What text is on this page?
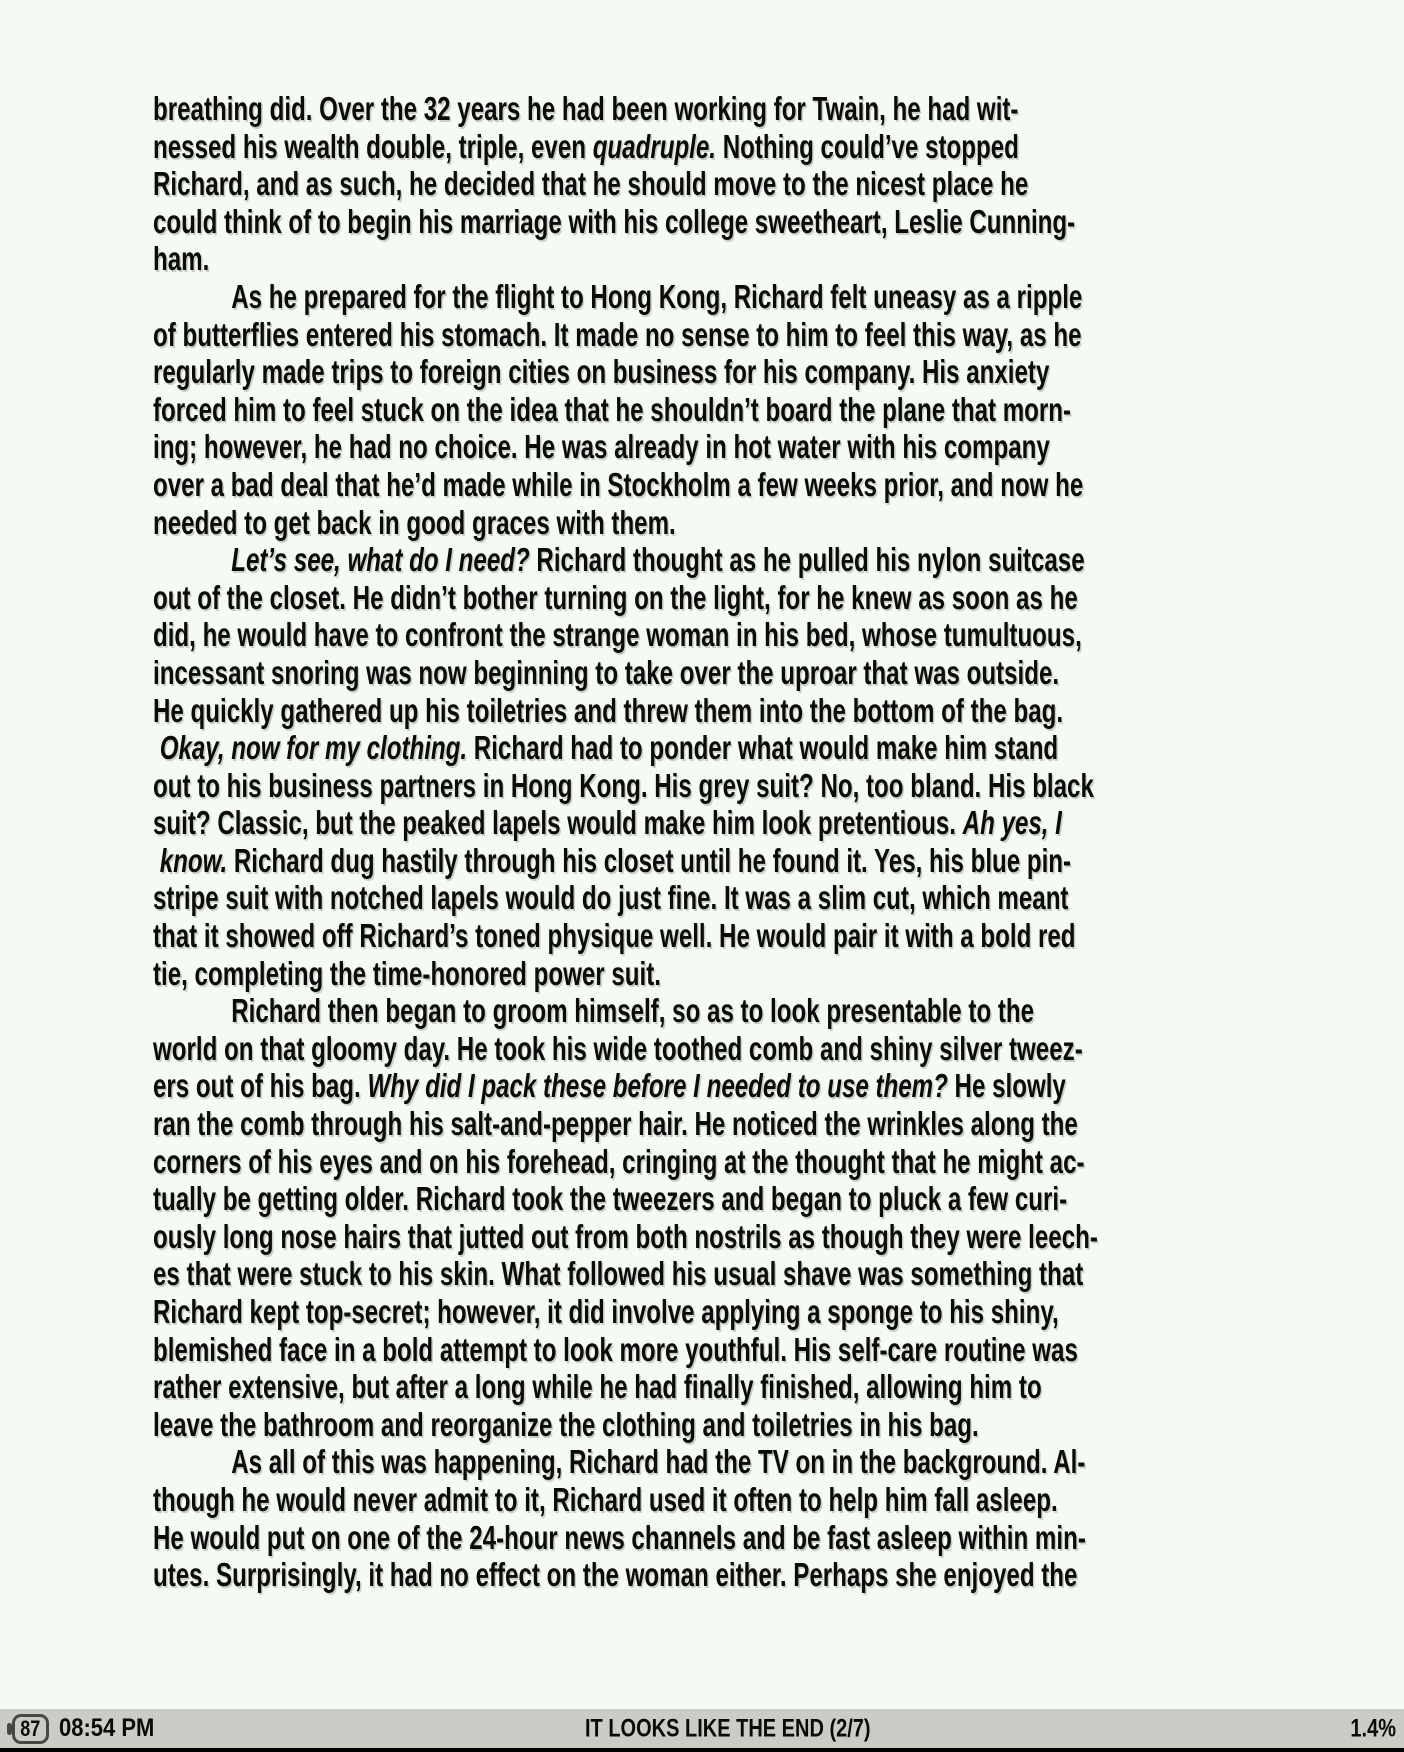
breathing did. Over the 32 years he had been working for Twain, he had wit-
nessed his wealth double, triple, even quadruple. Nothing could’ve stopped
Richard, and as such, he decided that he should move to the nicest place he
could think of to begin his marriage with his college sweetheart, Leslie Cunning-
ham.
As he prepared for the flight to Hong Kong, Richard felt uneasy as a ripple
of butterflies entered his stomach. It made no sense to him to feel this way, as he
regularly made trips to foreign cities on business for his company. His anxiety
forced him to feel stuck on the idea that he shouldn’t board the plane that morn-
ing; however, he had no choice. He was already in hot water with his company
over a bad deal that he’d made while in Stockholm a few weeks prior, and now he
needed to get back in good graces with them.
Let’s see, what do I need? Richard thought as he pulled his nylon suitcase
out of the closet. He didn’t bother turning on the light, for he knew as soon as he
did, he would have to confront the strange woman in his bed, whose tumultuous,
incessant snoring was now beginning to take over the uproar that was outside.
He quickly gathered up his toiletries and threw them into the bottom of the bag.
Okay, now for my clothing. Richard had to ponder what would make him stand
out to his business partners in Hong Kong. His grey suit? No, too bland. His black
suit? Classic, but the peaked lapels would make him look pretentious. Ah yes, I
know. Richard dug hastily through his closet until he found it. Yes, his blue pin-
stripe suit with notched lapels would do just fine. It was a slim cut, which meant
that it showed off Richard’s toned physique well. He would pair it with a bold red
tie, completing the time-honored power suit.
Richard then began to groom himself, so as to look presentable to the
world on that gloomy day. He took his wide toothed comb and shiny silver tweez-
ers out of his bag. Why did I pack these before I needed to use them? He slowly
ran the comb through his salt-and-pepper hair. He noticed the wrinkles along the
corners of his eyes and on his forehead, cringing at the thought that he might ac-
tually be getting older. Richard took the tweezers and began to pluck a few curi-
ously long nose hairs that jutted out from both nostrils as though they were leech-
es that were stuck to his skin. What followed his usual shave was something that
Richard kept top-secret; however, it did involve applying a sponge to his shiny,
blemished face in a bold attempt to look more youthful. His self-care routine was
rather extensive, but after a long while he had finally finished, allowing him to
leave the bathroom and reorganize the clothing and toiletries in his bag.
As all of this was happening, Richard had the TV on in the background. Al-
though he would never admit to it, Richard used it often to help him fall asleep.
He would put on one of the 24-hour news channels and be fast asleep within min-
utes. Surprisingly, it had no effect on the woman either. Perhaps she enjoyed the
87 08:54 PM	IT LOOKS LIKE THE END (2/7)	1.4%
